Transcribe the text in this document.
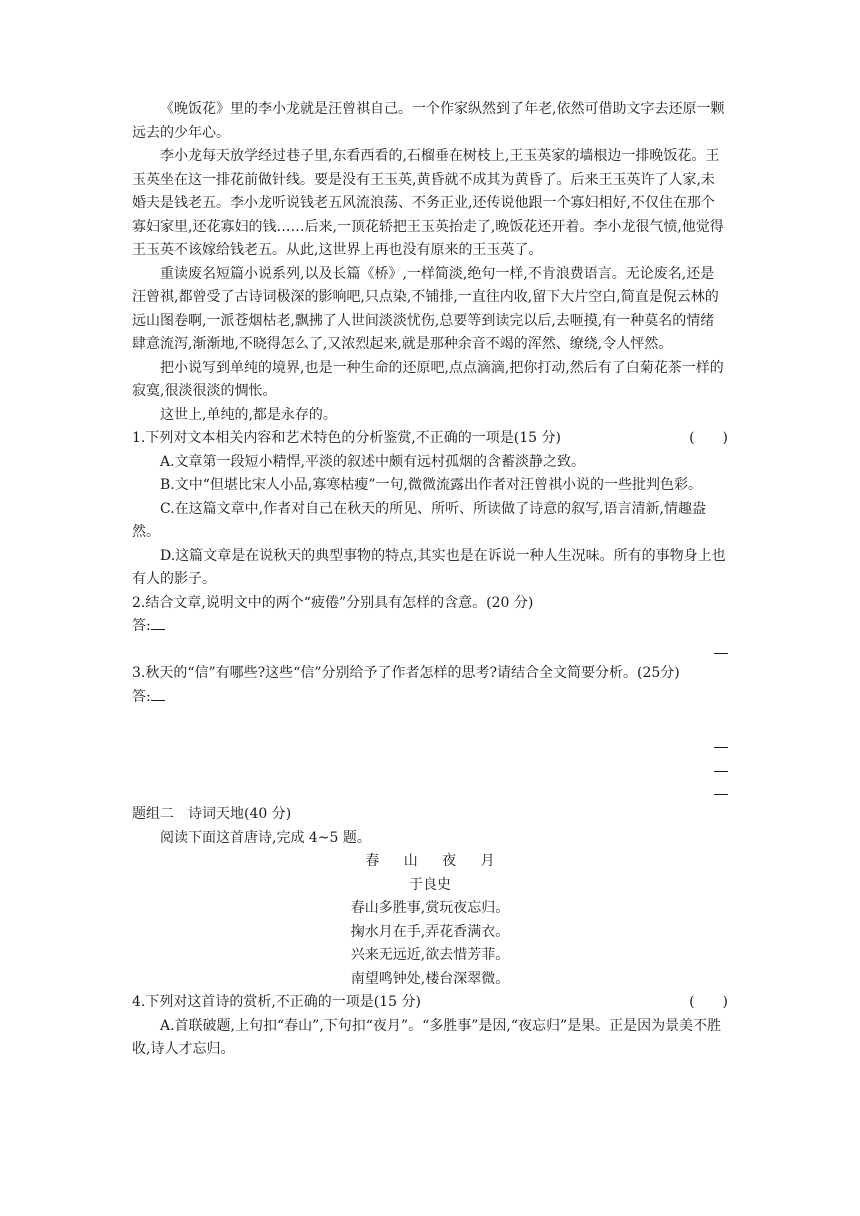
《晚饭花》里的李小龙就是汪曾祺自己。一个作家纵然到了年老,依然可借助文字去还原一颗远去的少年心。

李小龙每天放学经过巷子里,东看西看的,石榴垂在树枝上,王玉英家的墙根边一排晚饭花。王玉英坐在这一排花前做针线。要是没有王玉英,黄昏就不成其为黄昏了。后来王玉英许了人家,未婚夫是钱老五。李小龙听说钱老五风流浪荡、不务正业,还传说他跟一个寡妇相好,不仅住在那个寡妇家里,还花寡妇的钱……后来,一顶花轿把王玉英抬走了,晚饭花还开着。李小龙很气愤,他觉得王玉英不该嫁给钱老五。从此,这世界上再也没有原来的王玉英了。

重读废名短篇小说系列,以及长篇《桥》,一样简淡,绝句一样,不肯浪费语言。无论废名,还是汪曾祺,都曾受了古诗词极深的影响吧,只点染,不铺排,一直往内收,留下大片空白,简直是倪云林的远山图卷啊,一派苍烟枯老,飘拂了人世间淡淡忧伤,总要等到读完以后,去咂摸,有一种莫名的情绪肆意流泻,渐渐地,不晓得怎么了,又浓烈起来,就是那种余音不竭的浑然、缭绕,令人怦然。

把小说写到单纯的境界,也是一种生命的还原吧,点点滴滴,把你打动,然后有了白菊花茶一样的寂寞,很淡很淡的惆怅。

这世上,单纯的,都是永存的。

1.下列对文本相关内容和艺术特色的分析鉴赏,不正确的一项是(15 分)	(　　)

A.文章第一段短小精悍,平淡的叙述中颇有远村孤烟的含蓄淡静之致。

B.文中“但堪比宋人小品,寡寒枯瘦”一句,微微流露出作者对汪曾祺小说的一些批判色彩。

C.在这篇文章中,作者对自己在秋天的所见、所听、所读做了诗意的叙写,语言清新,情趣盎然。

D.这篇文章是在说秋天的典型事物的特点,其实也是在诉说一种人生况味。所有的事物身上也有人的影子。

2.结合文章,说明文中的两个“疲倦”分别具有怎样的含意。(20 分)

答:

3.秋天的“信”有哪些?这些“信”分别给予了作者怎样的思考?请结合全文简要分析。(25分)

答:

题组二　诗词天地(40 分)

阅读下面这首唐诗,完成 4~5 题。

春 山 夜 月

于良史

春山多胜事,赏玩夜忘归。

掬水月在手,弄花香满衣。

兴来无远近,欲去惜芳菲。

南望鸣钟处,楼台深翠微。

4.下列对这首诗的赏析,不正确的一项是(15 分)	(　　)

A.首联破题,上句扣“春山”,下句扣“夜月”。“多胜事”是因,“夜忘归”是果。正是因为景美不胜收,诗人才忘归。
